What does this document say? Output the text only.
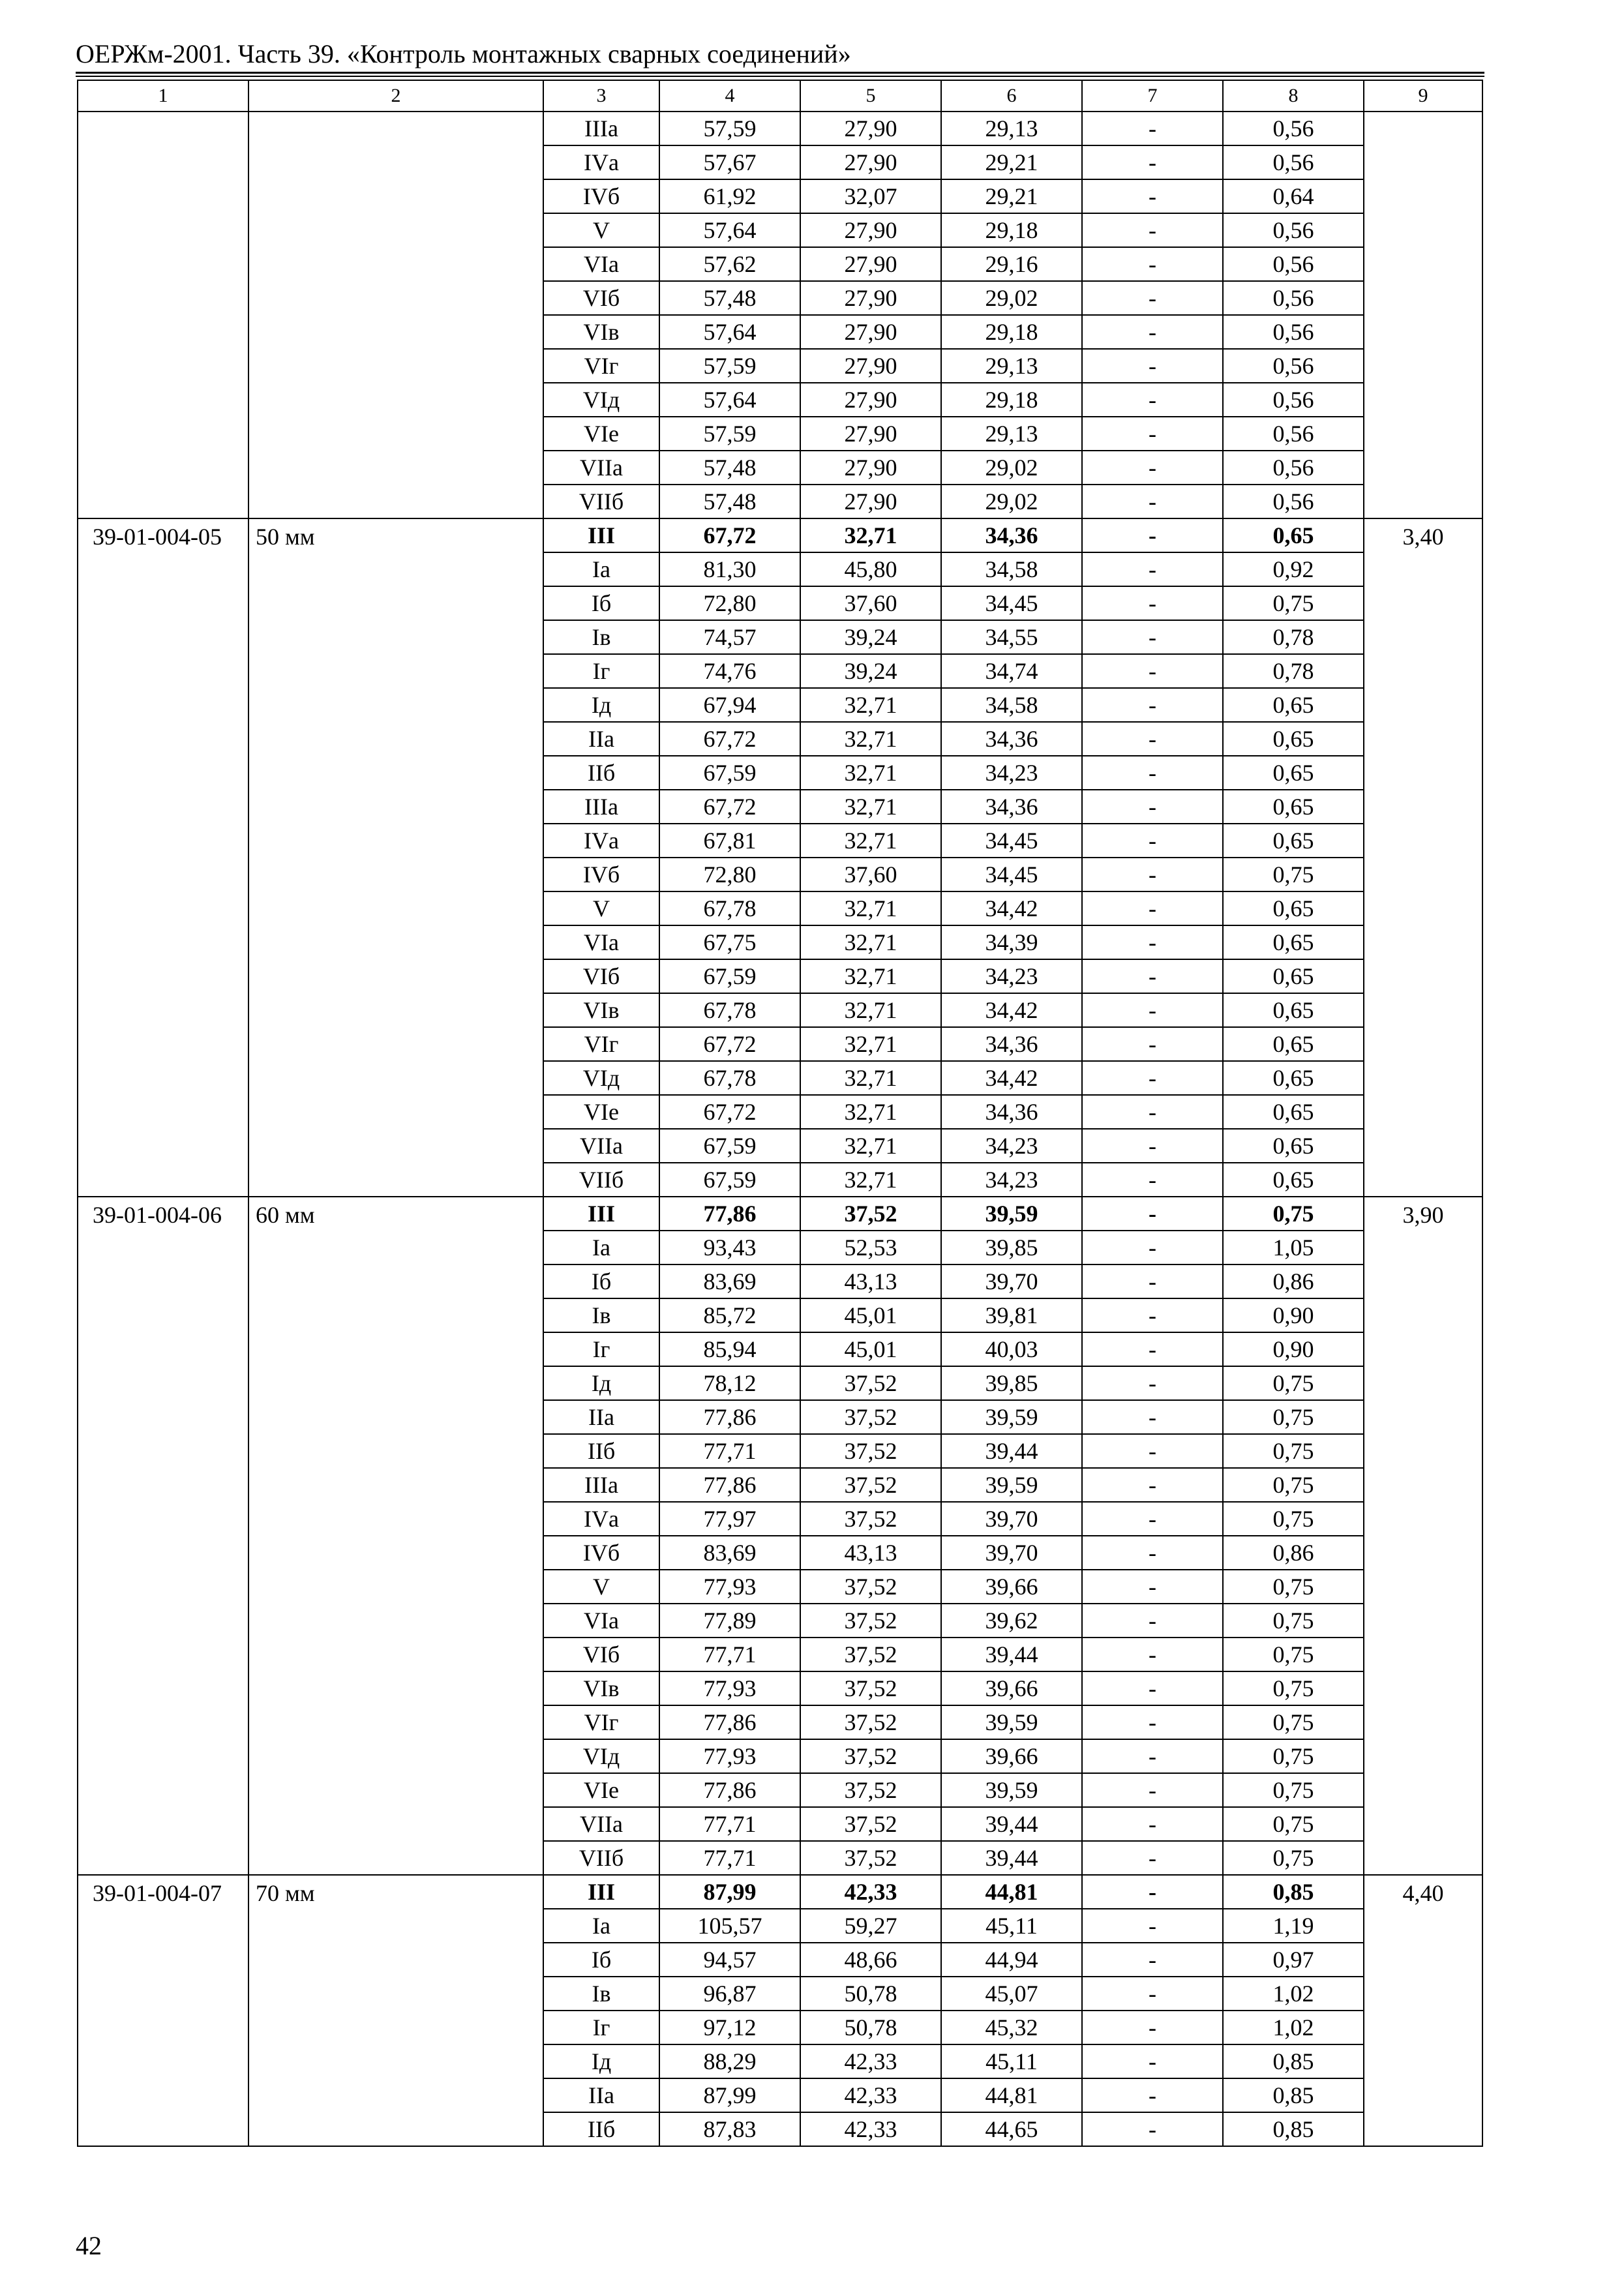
ОЕРЖм-2001. Часть 39. «Контроль монтажных сварных соединений»
1	2	3	4	5	6	7	8	9
		IIIа	57,59	27,90	29,13	-	0,56	
		IVа	57,67	27,90	29,21	-	0,56	
		IVб	61,92	32,07	29,21	-	0,64	
		V	57,64	27,90	29,18	-	0,56	
		VIа	57,62	27,90	29,16	-	0,56	
		VIб	57,48	27,90	29,02	-	0,56	
		VIв	57,64	27,90	29,18	-	0,56	
		VIг	57,59	27,90	29,13	-	0,56	
		VIд	57,64	27,90	29,18	-	0,56	
		VIе	57,59	27,90	29,13	-	0,56	
		VIIа	57,48	27,90	29,02	-	0,56	
		VIIб	57,48	27,90	29,02	-	0,56	
39-01-004-05	50 мм	III	67,72	32,71	34,36	-	0,65	3,40
		Iа	81,30	45,80	34,58	-	0,92	
		Iб	72,80	37,60	34,45	-	0,75	
		Iв	74,57	39,24	34,55	-	0,78	
		Iг	74,76	39,24	34,74	-	0,78	
		Iд	67,94	32,71	34,58	-	0,65	
		IIа	67,72	32,71	34,36	-	0,65	
		IIб	67,59	32,71	34,23	-	0,65	
		IIIа	67,72	32,71	34,36	-	0,65	
		IVа	67,81	32,71	34,45	-	0,65	
		IVб	72,80	37,60	34,45	-	0,75	
		V	67,78	32,71	34,42	-	0,65	
		VIа	67,75	32,71	34,39	-	0,65	
		VIб	67,59	32,71	34,23	-	0,65	
		VIв	67,78	32,71	34,42	-	0,65	
		VIг	67,72	32,71	34,36	-	0,65	
		VIд	67,78	32,71	34,42	-	0,65	
		VIе	67,72	32,71	34,36	-	0,65	
		VIIа	67,59	32,71	34,23	-	0,65	
		VIIб	67,59	32,71	34,23	-	0,65	
39-01-004-06	60 мм	III	77,86	37,52	39,59	-	0,75	3,90
		Iа	93,43	52,53	39,85	-	1,05	
		Iб	83,69	43,13	39,70	-	0,86	
		Iв	85,72	45,01	39,81	-	0,90	
		Iг	85,94	45,01	40,03	-	0,90	
		Iд	78,12	37,52	39,85	-	0,75	
		IIа	77,86	37,52	39,59	-	0,75	
		IIб	77,71	37,52	39,44	-	0,75	
		IIIа	77,86	37,52	39,59	-	0,75	
		IVа	77,97	37,52	39,70	-	0,75	
		IVб	83,69	43,13	39,70	-	0,86	
		V	77,93	37,52	39,66	-	0,75	
		VIа	77,89	37,52	39,62	-	0,75	
		VIб	77,71	37,52	39,44	-	0,75	
		VIв	77,93	37,52	39,66	-	0,75	
		VIг	77,86	37,52	39,59	-	0,75	
		VIд	77,93	37,52	39,66	-	0,75	
		VIе	77,86	37,52	39,59	-	0,75	
		VIIа	77,71	37,52	39,44	-	0,75	
		VIIб	77,71	37,52	39,44	-	0,75	
39-01-004-07	70 мм	III	87,99	42,33	44,81	-	0,85	4,40
		Iа	105,57	59,27	45,11	-	1,19	
		Iб	94,57	48,66	44,94	-	0,97	
		Iв	96,87	50,78	45,07	-	1,02	
		Iг	97,12	50,78	45,32	-	1,02	
		Iд	88,29	42,33	45,11	-	0,85	
		IIа	87,99	42,33	44,81	-	0,85	
		IIб	87,83	42,33	44,65	-	0,85	
42
